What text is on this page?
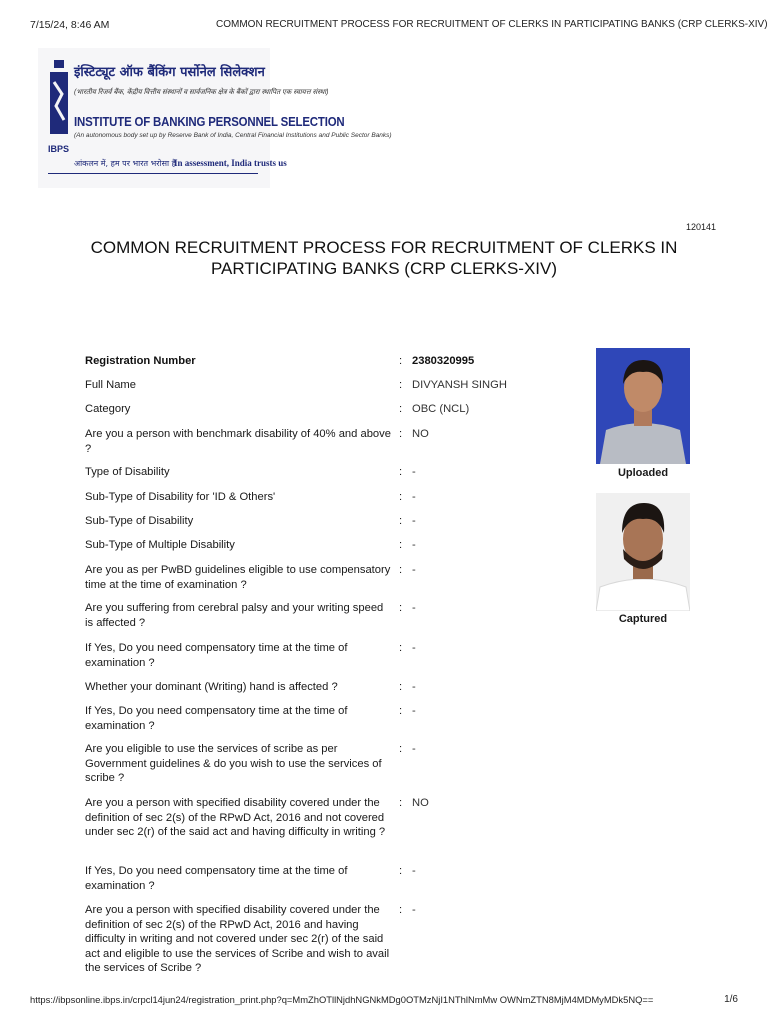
7/15/24, 8:46 AM	COMMON RECRUITMENT PROCESS FOR RECRUITMENT OF CLERKS IN PARTICIPATING BANKS (CRP CLERKS-XIV)
इंस्टिट्यूट ऑफ बैंकिंग पर्सोनेल सिलेक्शन
(भारतीय रिजर्व बैंक, केंद्रीय वित्तीय संस्थानों व सार्वजनिक क्षेत्र के बैंकों द्वारा स्थापित एक स्वायत्त संस्था)
INSTITUTE OF BANKING PERSONNEL SELECTION
(An autonomous body set up by Reserve Bank of India, Central Financial Institutions and Public Sector Banks)
IBPS
आंकलन में, हम पर भारत भरोसा है
In assessment, India trusts us
120141
COMMON RECRUITMENT PROCESS FOR RECRUITMENT OF CLERKS IN PARTICIPATING BANKS (CRP CLERKS-XIV)
Registration Number	: 2380320995
Full Name	: DIVYANSH SINGH
Category	: OBC (NCL)
Are you a person with benchmark disability of 40% and above ?
: NO
Type of Disability	: -
Sub-Type of Disability for 'ID & Others'	: -
Sub-Type of Disability	: -
Sub-Type of Multiple Disability	: -
Are you as per PwBD guidelines eligible to use compensatory time at the time of examination ?
: -
Are you suffering from cerebral palsy and your writing speed is affected ?
: -
If Yes, Do you need compensatory time at the time of examination ?
: -
Whether your dominant (Writing) hand is affected ?	: -
If Yes, Do you need compensatory time at the time of examination ?
: -
Are you eligible to use the services of scribe as per Government guidelines & do you wish to use the services of scribe ?
: -
Are you a person with specified disability covered under the definition of sec 2(s) of the RPwD Act, 2016 and not covered under sec 2(r) of the said act and having difficulty in writing ?
: NO
If Yes, Do you need compensatory time at the time of examination ?
: -
Are you a person with specified disability covered under the definition of sec 2(s) of the RPwD Act, 2016 and having difficulty in writing and not covered under sec 2(r) of the said act and eligible to use the services of Scribe and wish to avail the services of Scribe ?
: -
Uploaded
Captured
https://ibpsonline.ibps.in/crpcl14jun24/registration_print.php?q=MmZhOTllNjdhNGNkMDg0OTMzNjI1NThlNmMw OWNmZTN8MjM4MDMyMDk5NQ==	1/6
